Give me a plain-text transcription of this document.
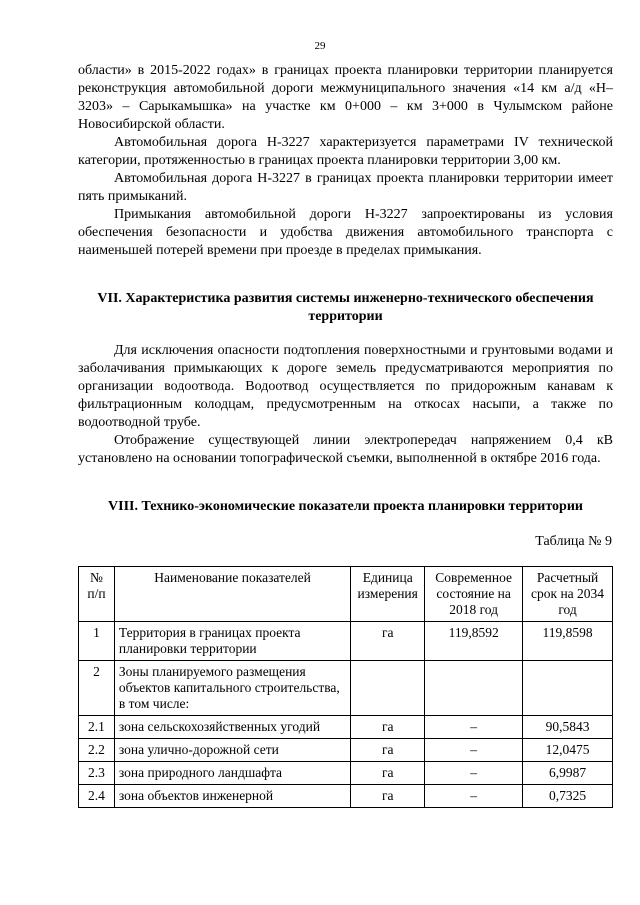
29

области» в 2015-2022 годах» в границах проекта планировки территории планируется реконструкция автомобильной дороги межмуниципального значения «14 км а/д «Н–3203» – Сарыкамышка» на участке км 0+000 – км 3+000 в Чулымском районе Новосибирской области.

Автомобильная дорога Н-3227 характеризуется параметрами IV технической категории, протяженностью в границах проекта планировки территории 3,00 км.

Автомобильная дорога Н-3227 в границах проекта планировки территории имеет пять примыканий.

Примыкания автомобильной дороги Н-3227 запроектированы из условия обеспечения безопасности и удобства движения автомобильного транспорта с наименьшей потерей времени при проезде в пределах примыкания.

VII. Характеристика развития системы инженерно-технического обеспечения территории

Для исключения опасности подтопления поверхностными и грунтовыми водами и заболачивания примыкающих к дороге земель предусматриваются мероприятия по организации водоотвода. Водоотвод осуществляется по придорожным канавам к фильтрационным колодцам, предусмотренным на откосах насыпи, а также по водоотводной трубе.

Отображение существующей линии электропередач напряжением 0,4 кВ установлено на основании топографической съемки, выполненной в октябре 2016 года.

VIII. Технико-экономические показатели проекта планировки территории

Таблица № 9
№ п/п	Наименование показателей	Единица измерения	Современное состояние на 2018 год	Расчетный срок на 2034 год
1	Территория в границах проекта планировки территории	га	119,8592	119,8598
2	Зоны планируемого размещения объектов капитального строительства, в том числе:			
2.1	зона сельскохозяйственных угодий	га	–	90,5843
2.2	зона улично-дорожной сети	га	–	12,0475
2.3	зона природного ландшафта	га	–	6,9987
2.4	зона объектов инженерной	га	–	0,7325
